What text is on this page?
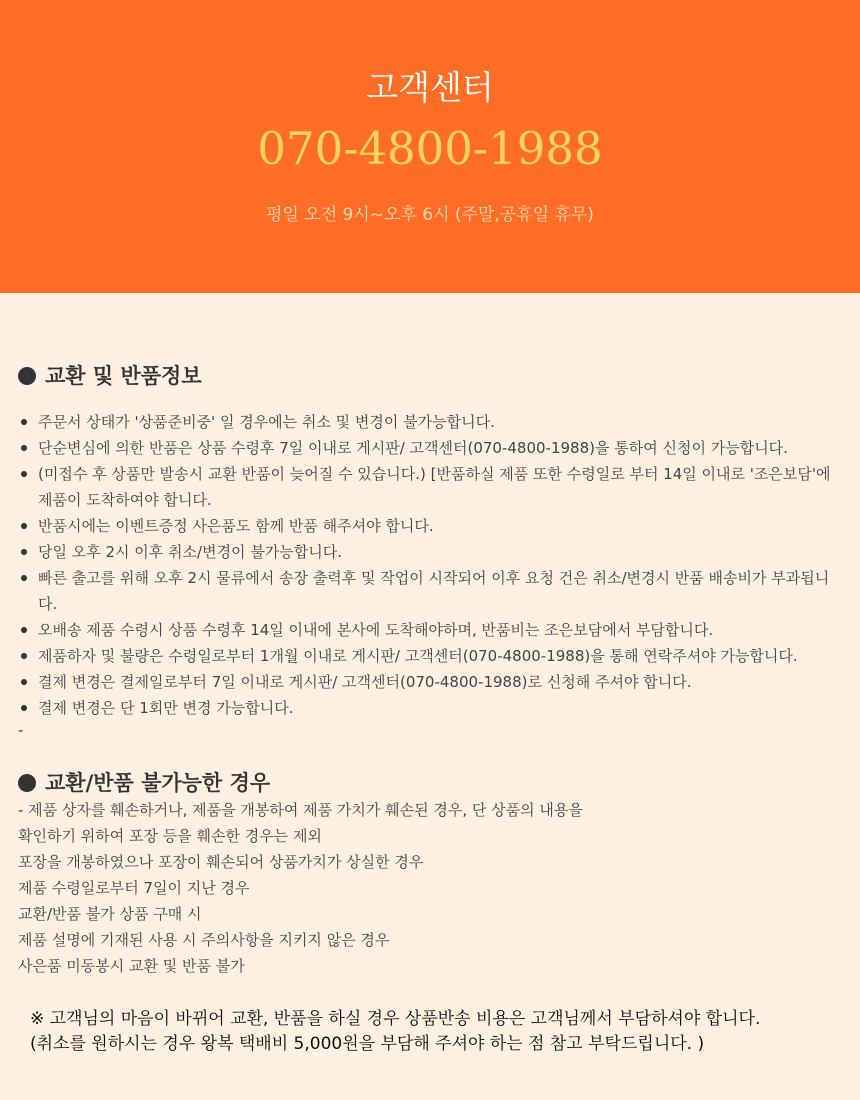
고객센터
070-4800-1988
평일 오전 9시~오후 6시 (주말,공휴일 휴무)
교환 및 반품정보
주문서 상태가 '상품준비중' 일 경우에는 취소 및 변경이 불가능합니다.
단순변심에 의한 반품은 상품 수령후 7일 이내로 게시판/ 고객센터(070-4800-1988)을 통하여 신청이 가능합니다.
(미접수 후 상품만 발송시 교환 반품이 늦어질 수 있습니다.) [반품하실 제품 또한 수령일로 부터 14일 이내로 '조은보담'에 제품이 도착하여야 합니다.
반품시에는 이벤트증정 사은품도 함께 반품 해주셔야 합니다.
당일 오후 2시 이후 취소/변경이 불가능합니다.
빠른 출고를 위해 오후 2시 물류에서 송장 출력후 및 작업이 시작되어 이후 요청 건은 취소/변경시 반품 배송비가 부과됩니다.
오배송 제품 수령시 상품 수령후 14일 이내에 본사에 도착해야하며, 반품비는 조은보담에서 부담합니다.
제품하자 및 불량은 수령일로부터 1개월 이내로 게시판/ 고객센터(070-4800-1988)을 통해 연락주셔야 가능합니다.
결제 변경은 결제일로부터 7일 이내로 게시판/ 고객센터(070-4800-1988)로 신청해 주셔야 합니다.
결제 변경은 단 1회만 변경 가능합니다.
-
교환/반품 불가능한 경우
- 제품 상자를 훼손하거나, 제품을 개봉하여 제품 가치가 훼손된 경우, 단 상품의 내용을
확인하기 위하여 포장 등을 훼손한 경우는 제외
포장을 개봉하였으나 포장이 훼손되어 상품가치가 상실한 경우
제품 수령일로부터 7일이 지난 경우
교환/반품 불가 상품 구매 시
제품 설명에 기재된 사용 시 주의사항을 지키지 않은 경우
사은품 미동봉시 교환 및 반품 불가
※ 고객님의 마음이 바뀌어 교환, 반품을 하실 경우 상품반송 비용은 고객님께서 부담하셔야 합니다.
(취소를 원하시는 경우 왕복 택배비 5,000원을 부담해 주셔야 하는 점 참고 부탁드립니다. )
